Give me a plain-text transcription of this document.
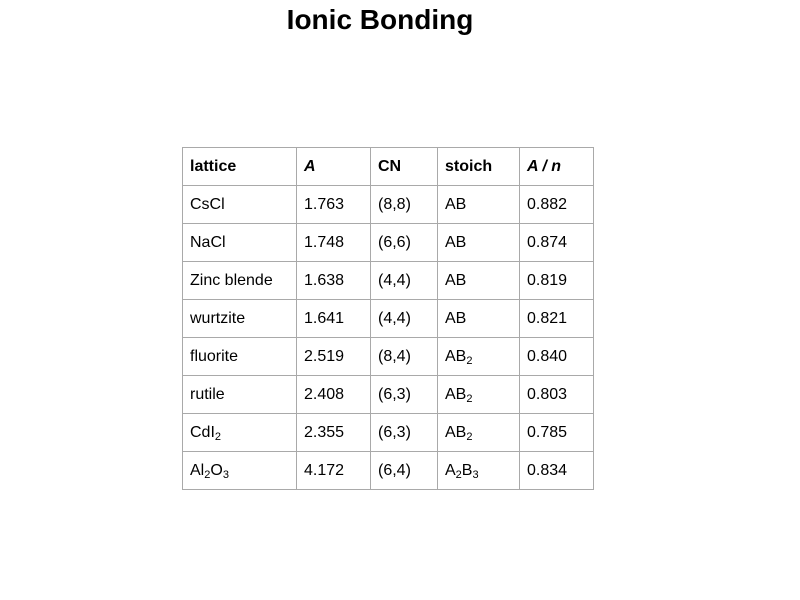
Ionic Bonding
lattice	A	CN	stoich	A / n
CsCl	1.763	(8,8)	AB	0.882
NaCl	1.748	(6,6)	AB	0.874
Zinc blende	1.638	(4,4)	AB	0.819
wurtzite	1.641	(4,4)	AB	0.821
fluorite	2.519	(8,4)	$AB_2$	0.840
rutile	2.408	(6,3)	$AB_2$	0.803
CdI$_2$	2.355	(6,3)	$AB_2$	0.785
$Al_2O_3$	4.172	(6,4)	$A_2B_3$	0.834
